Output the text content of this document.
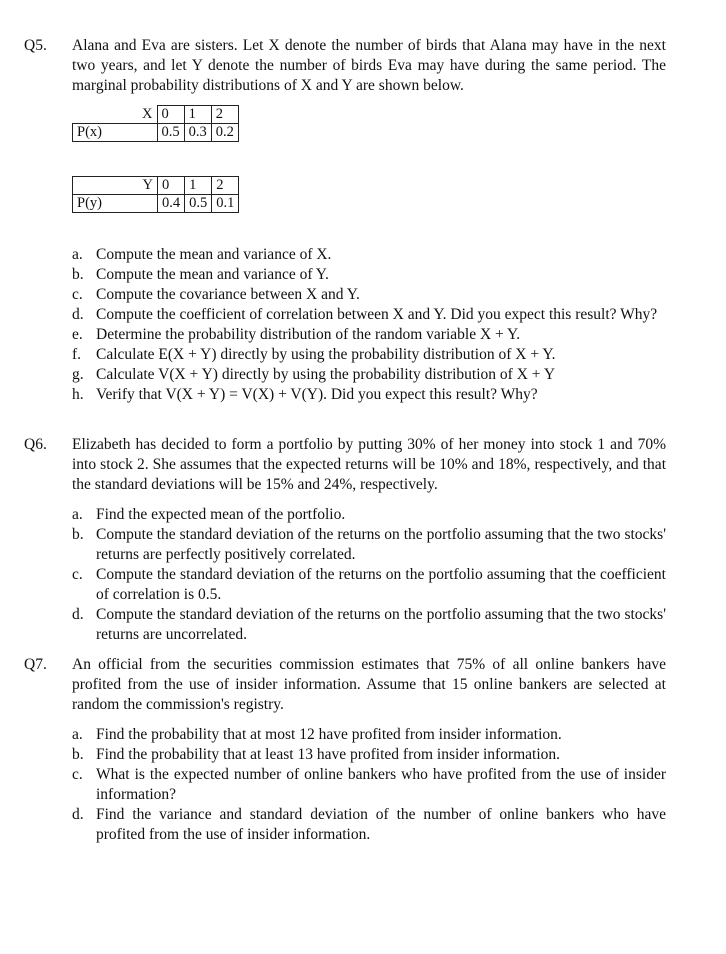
Q5.	Alana and Eva are sisters. Let X denote the number of birds that Alana may have in the next two years, and let Y denote the number of birds Eva may have during the same period. The marginal probability distributions of X and Y are shown below.

X	0	1	2
P(x)	0.5	0.3	0.2
Y	0	1	2
P(y)	0.4	0.5	0.1
a. Compute the mean and variance of X.
b. Compute the mean and variance of Y.
c. Compute the covariance between X and Y.
d. Compute the coefficient of correlation between X and Y. Did you expect this result? Why?
e. Determine the probability distribution of the random variable X + Y.
f. Calculate E(X + Y) directly by using the probability distribution of X + Y.
g. Calculate V(X + Y) directly by using the probability distribution of X + Y
h. Verify that V(X + Y) = V(X) + V(Y). Did you expect this result? Why?
Q6.	Elizabeth has decided to form a portfolio by putting 30% of her money into stock 1 and 70% into stock 2. She assumes that the expected returns will be 10% and 18%, respectively, and that the standard deviations will be 15% and 24%, respectively.

a. Find the expected mean of the portfolio.
b. Compute the standard deviation of the returns on the portfolio assuming that the two stocks' returns are perfectly positively correlated.
c. Compute the standard deviation of the returns on the portfolio assuming that the coefficient of correlation is 0.5.
d. Compute the standard deviation of the returns on the portfolio assuming that the two stocks' returns are uncorrelated.
Q7.	An official from the securities commission estimates that 75% of all online bankers have profited from the use of insider information. Assume that 15 online bankers are selected at random the commission's registry.

a. Find the probability that at most 12 have profited from insider information.
b. Find the probability that at least 13 have profited from insider information.
c. What is the expected number of online bankers who have profited from the use of insider information?
d. Find the variance and standard deviation of the number of online bankers who have profited from the use of insider information.
